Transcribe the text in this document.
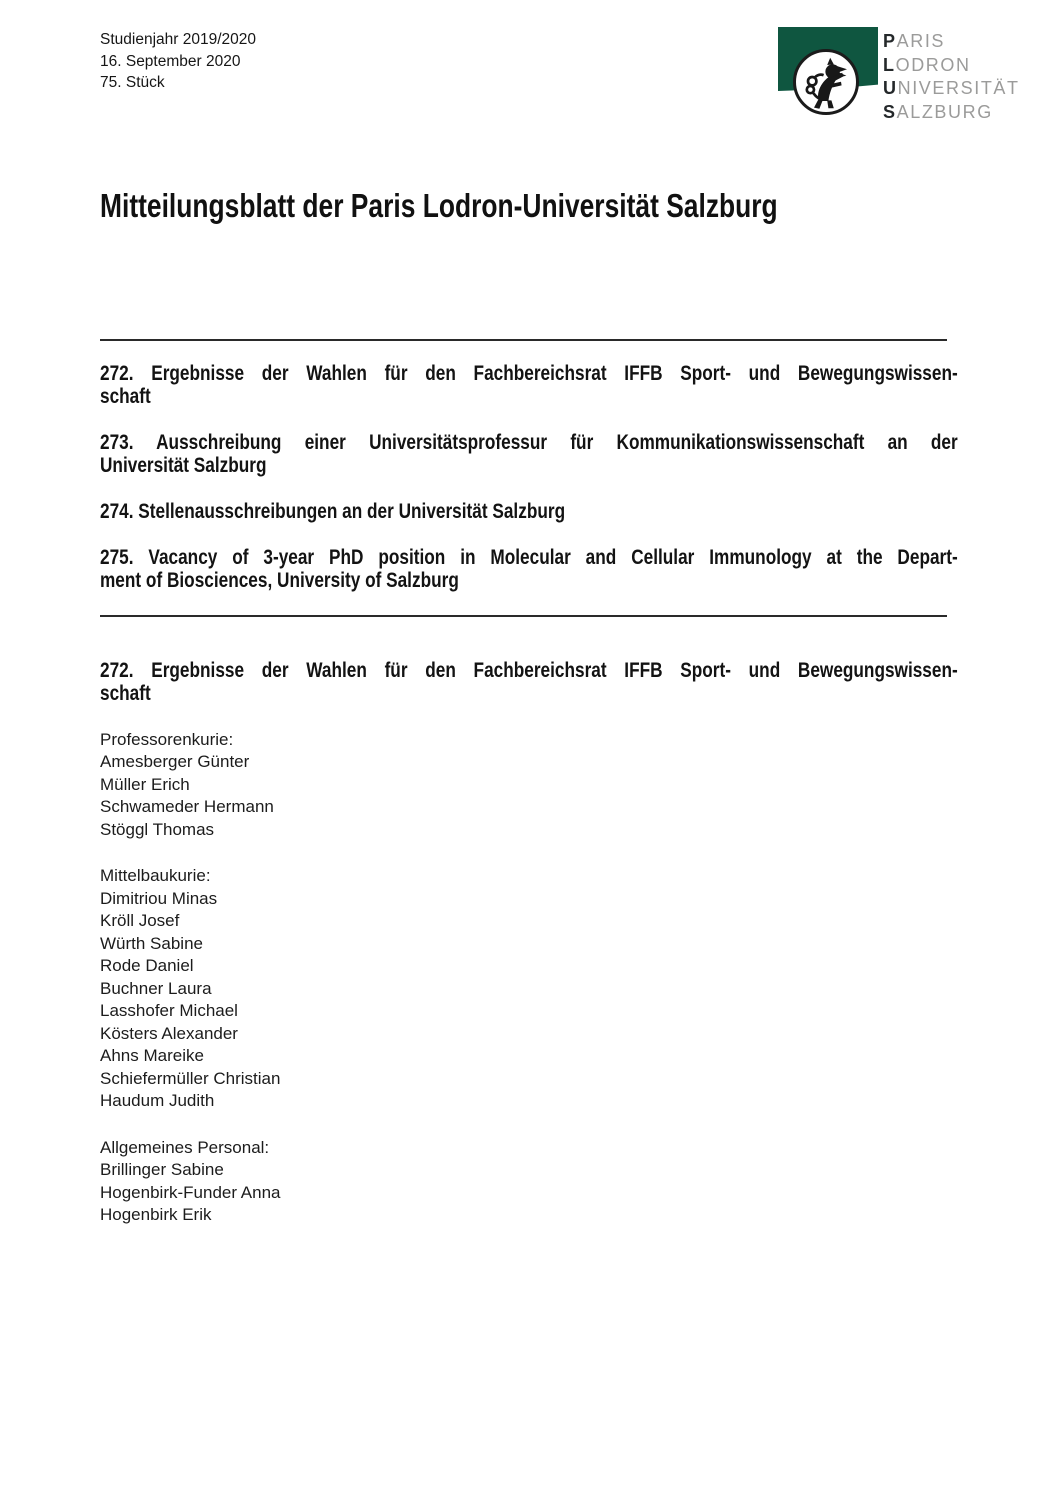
Studienjahr 2019/2020
16. September 2020
75. Stück
PARIS
LODRON
UNIVERSITÄT
SALZBURG
Mitteilungsblatt der Paris Lodron-Universität Salzburg
272. Ergebnisse der Wahlen für den Fachbereichsrat IFFB Sport- und Bewegungswissen-
schaft
273. Ausschreibung einer Universitätsprofessur für Kommunikationswissenschaft an der
Universität Salzburg
274. Stellenausschreibungen an der Universität Salzburg
275. Vacancy of 3-year PhD position in Molecular and Cellular Immunology at the Depart-
ment of Biosciences, University of Salzburg
272. Ergebnisse der Wahlen für den Fachbereichsrat IFFB Sport- und Bewegungswissen-
schaft
Professorenkurie:
Amesberger Günter
Müller Erich
Schwameder Hermann
Stöggl Thomas
Mittelbaukurie:
Dimitriou Minas
Kröll Josef
Würth Sabine
Rode Daniel
Buchner Laura
Lasshofer Michael
Kösters Alexander
Ahns Mareike
Schiefermüller Christian
Haudum Judith
Allgemeines Personal:
Brillinger Sabine
Hogenbirk-Funder Anna
Hogenbirk Erik
